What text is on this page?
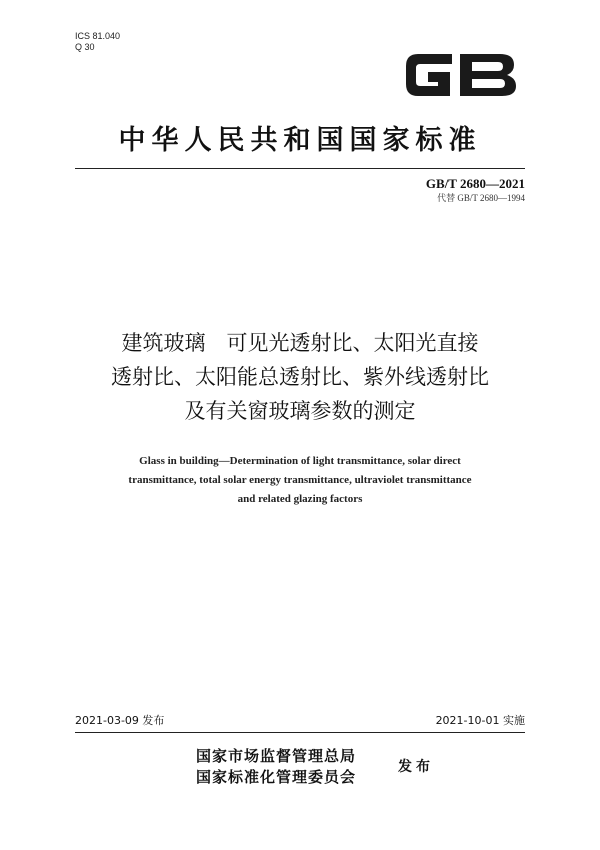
ICS 81.040
Q 30
中华人民共和国国家标准
GB/T 2680—2021
代替 GB/T 2680—1994
建筑玻璃　可见光透射比、太阳光直接
透射比、太阳能总透射比、紫外线透射比
及有关窗玻璃参数的测定
Glass in building—Determination of light transmittance, solar direct
transmittance, total solar energy transmittance, ultraviolet transmittance
and related glazing factors
2021-03-09 发布	2021-10-01 实施
国家市场监督管理总局
国家标准化管理委员会
发布
